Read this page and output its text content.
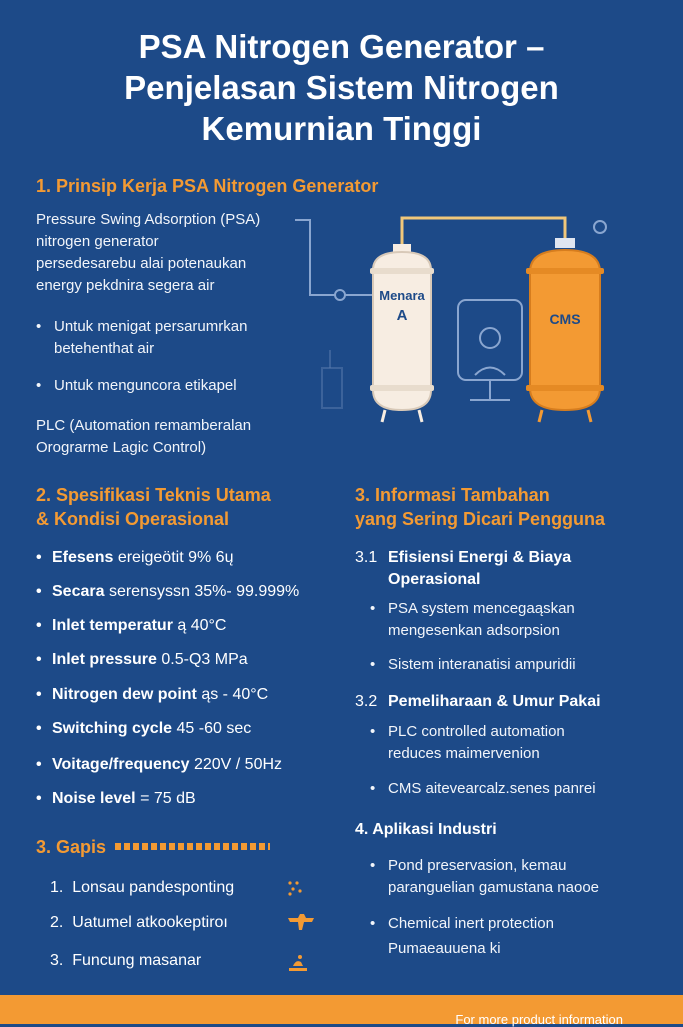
PSA Nitrogen Generator –
Penjelasan Sistem Nitrogen
Kemurnian Tinggi
1. Prinsip Kerja PSA Nitrogen Generator
Pressure Swing Adsorption (PSA)
nitrogen generator
persedesarebu alai potenaukan
energy pekdnira segera air
• Untuk menigat persarumrkan
betehenthat air
• Untuk menguncora etikapel
PLC (Automation remamberalan
Orograrme Lagic Control)
Menara
A	CMS
2. Spesifikasi Teknis Utama
& Kondisi Operasional
• Efesens ereigeötit 9% 6ų
• Secara serensyssn 35%- 99.999%
• Inlet temperatur ą 40°C
• Inlet pressure 0.5-Q3 MPa
• Nitrogen dew point ąs - 40°C
• Switching cycle 45 -60 sec
• Voitage/frequency 220V / 50Hz
• Noise level = 75 dB
3. Gapis
1. Lonsau pandesponting
2. Uatumel atkookeptiroı
3. Funcung masanar
3. Informasi Tambahan
yang Sering Dicari Pengguna
3.1 Efisiensi Energi & Biaya
Operasional
• PSA system mencegaąskan
mengesenkan adsorpsion
• Sistem interanatisi ampuridii
3.2 Pemeliharaan & Umur Pakai
• PLC controlled automation
reduces maimervenion
• CMS aitevearcalz.senes panrei
4. Aplikasi Industri
• Pond preservasion, kemau
paranguelian gamustana naooe
• Chemical inert protection
Pumaeauuena ki
For more product information
